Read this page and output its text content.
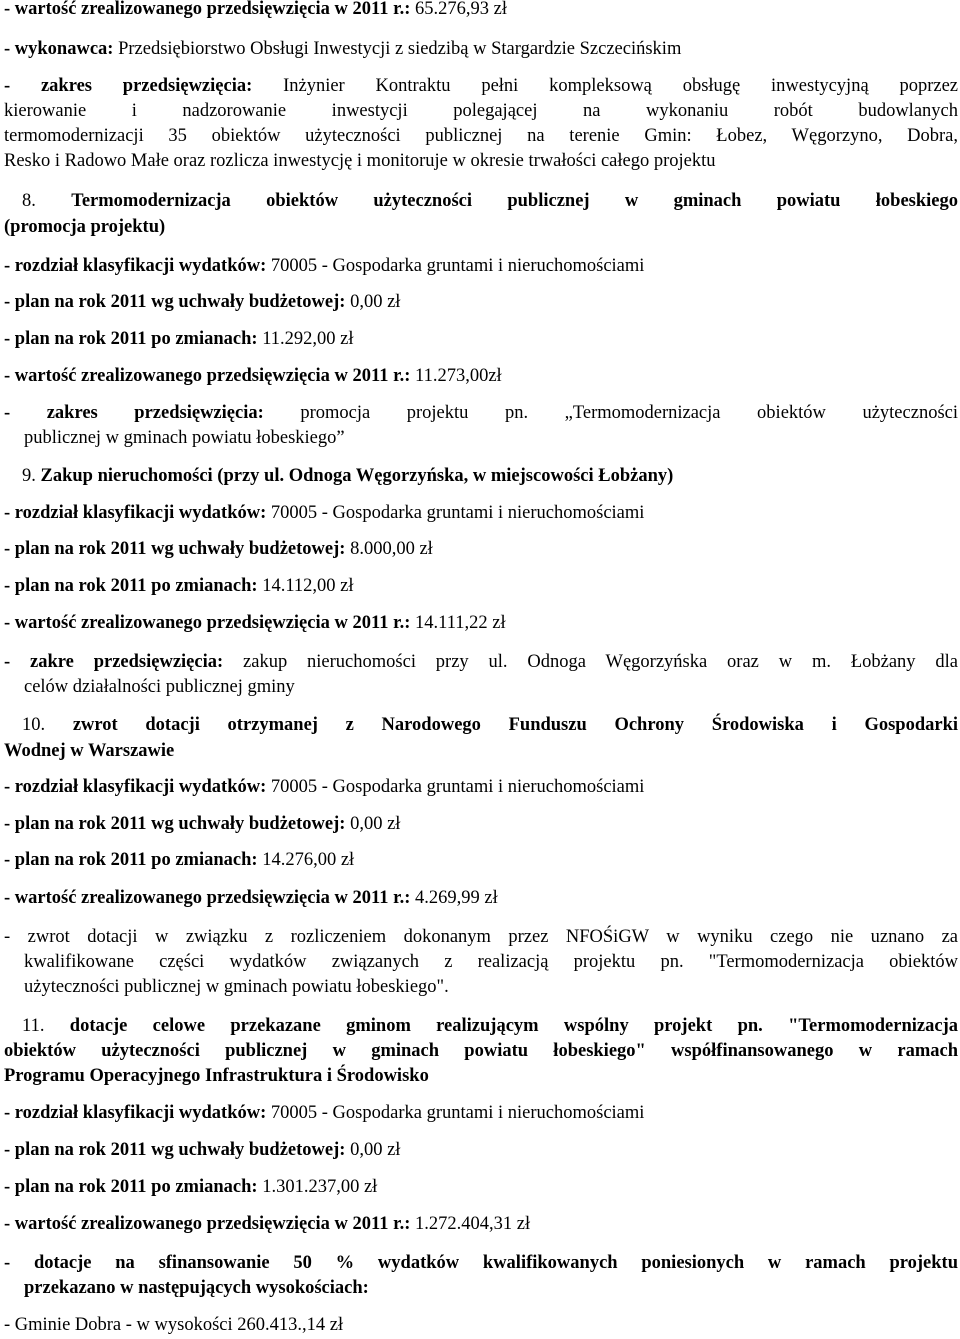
- wartość zrealizowanego przedsięwzięcia w 2011 r.: 65.276,93 zł
- wykonawca: Przedsiębiorstwo Obsługi Inwestycji z siedzibą w Stargardzie Szczecińskim
- zakres przedsięwzięcia: Inżynier Kontraktu pełni kompleksową obsługę inwestycyjną poprzez
kierowanie i nadzorowanie inwestycji polegającej na wykonaniu robót budowlanych
termomodernizacji 35 obiektów użyteczności publicznej na terenie Gmin: Łobez, Węgorzyno, Dobra,
Resko i Radowo Małe oraz rozlicza inwestycję i monitoruje w okresie trwałości całego projektu
8. Termomodernizacja obiektów użyteczności publicznej w gminach powiatu łobeskiego
(promocja projektu)
- rozdział klasyfikacji wydatków: 70005 - Gospodarka gruntami i nieruchomościami
- plan na rok 2011 wg uchwały budżetowej: 0,00 zł
- plan na rok 2011 po zmianach: 11.292,00 zł
- wartość zrealizowanego przedsięwzięcia w 2011 r.: 11.273,00zł
- zakres przedsięwzięcia: promocja projektu pn. „Termomodernizacja obiektów użyteczności
publicznej w gminach powiatu łobeskiego”
9. Zakup nieruchomości (przy ul. Odnoga Węgorzyńska, w miejscowości Łobżany)
- rozdział klasyfikacji wydatków: 70005 - Gospodarka gruntami i nieruchomościami
- plan na rok 2011 wg uchwały budżetowej: 8.000,00 zł
- plan na rok 2011 po zmianach: 14.112,00 zł
- wartość zrealizowanego przedsięwzięcia w 2011 r.: 14.111,22 zł
- zakre przedsięwzięcia: zakup nieruchomości przy ul. Odnoga Węgorzyńska oraz w m. Łobżany dla
celów działalności publicznej gminy
10. zwrot dotacji otrzymanej z Narodowego Funduszu Ochrony Środowiska i Gospodarki
Wodnej w Warszawie
- rozdział klasyfikacji wydatków: 70005 - Gospodarka gruntami i nieruchomościami
- plan na rok 2011 wg uchwały budżetowej: 0,00 zł
- plan na rok 2011 po zmianach: 14.276,00 zł
- wartość zrealizowanego przedsięwzięcia w 2011 r.: 4.269,99 zł
- zwrot dotacji w związku z rozliczeniem dokonanym przez NFOŚiGW w wyniku czego nie uznano za
kwalifikowane części wydatków związanych z realizacją projektu pn. "Termomodernizacja obiektów
użyteczności publicznej w gminach powiatu łobeskiego".
11. dotacje celowe przekazane gminom realizującym wspólny projekt pn. "Termomodernizacja
obiektów użyteczności publicznej w gminach powiatu łobeskiego" współfinansowanego w ramach
Programu Operacyjnego Infrastruktura i Środowisko
- rozdział klasyfikacji wydatków: 70005 - Gospodarka gruntami i nieruchomościami
- plan na rok 2011 wg uchwały budżetowej: 0,00 zł
- plan na rok 2011 po zmianach: 1.301.237,00 zł
- wartość zrealizowanego przedsięwzięcia w 2011 r.: 1.272.404,31 zł
- dotacje na sfinansowanie 50 % wydatków kwalifikowanych poniesionych w ramach projektu
przekazano w następujących wysokościach:
- Gminie Dobra - w wysokości 260.413.,14 zł
